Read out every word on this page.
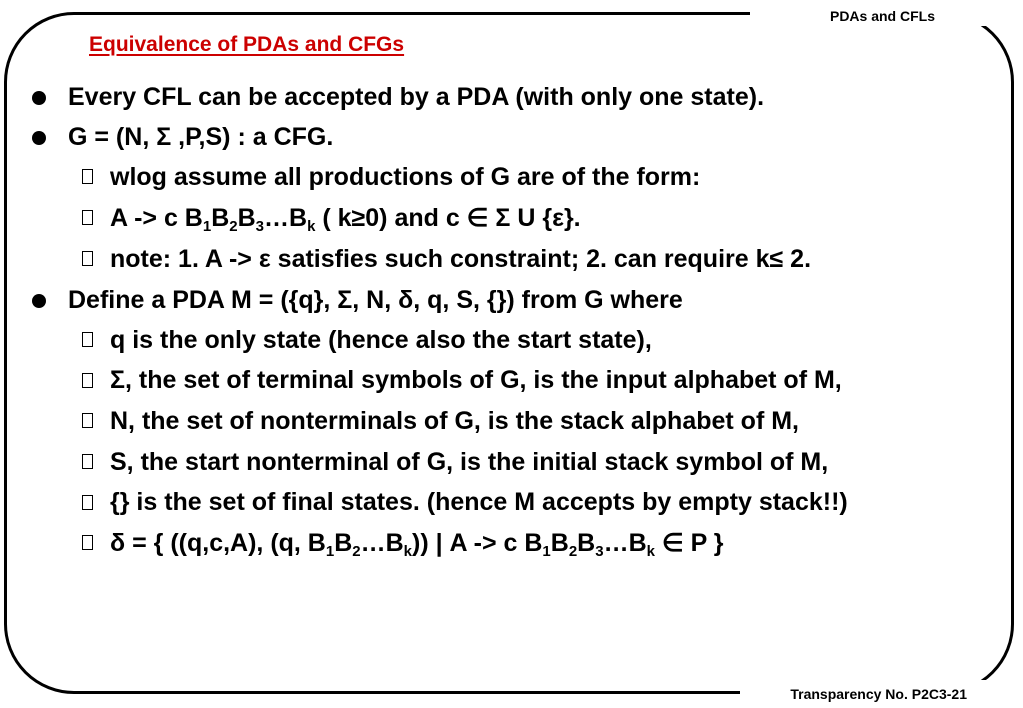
PDAs and CFLs
Transparency No. P2C3-21
Equivalence of PDAs and CFGs
Every CFL can be accepted by a PDA (with only one state).
G = (N, Σ ,P,S) : a CFG.
wlog assume all productions of G are of the form:
A -> c $B_1B_2B_3\dots B_k$ ( k≥0) and c ∈ Σ U {ε}.
note: 1. A -> ε satisfies such constraint; 2. can require k≤ 2.
Define a PDA M = ({q}, Σ, N, δ, q, S, {}) from G where
q is the only state (hence also the start state),
Σ, the set of terminal symbols of G, is the input alphabet of M,
N, the set of nonterminals of G, is the stack alphabet of M,
S, the start nonterminal of G, is the initial stack symbol of M,
{} is the set of final states. (hence M accepts by empty stack!!)
δ = { ((q,c,A), (q, $B_1B_2\dots B_k$)) | A -> c $B_1B_2B_3\dots B_k$ ∈ P }
